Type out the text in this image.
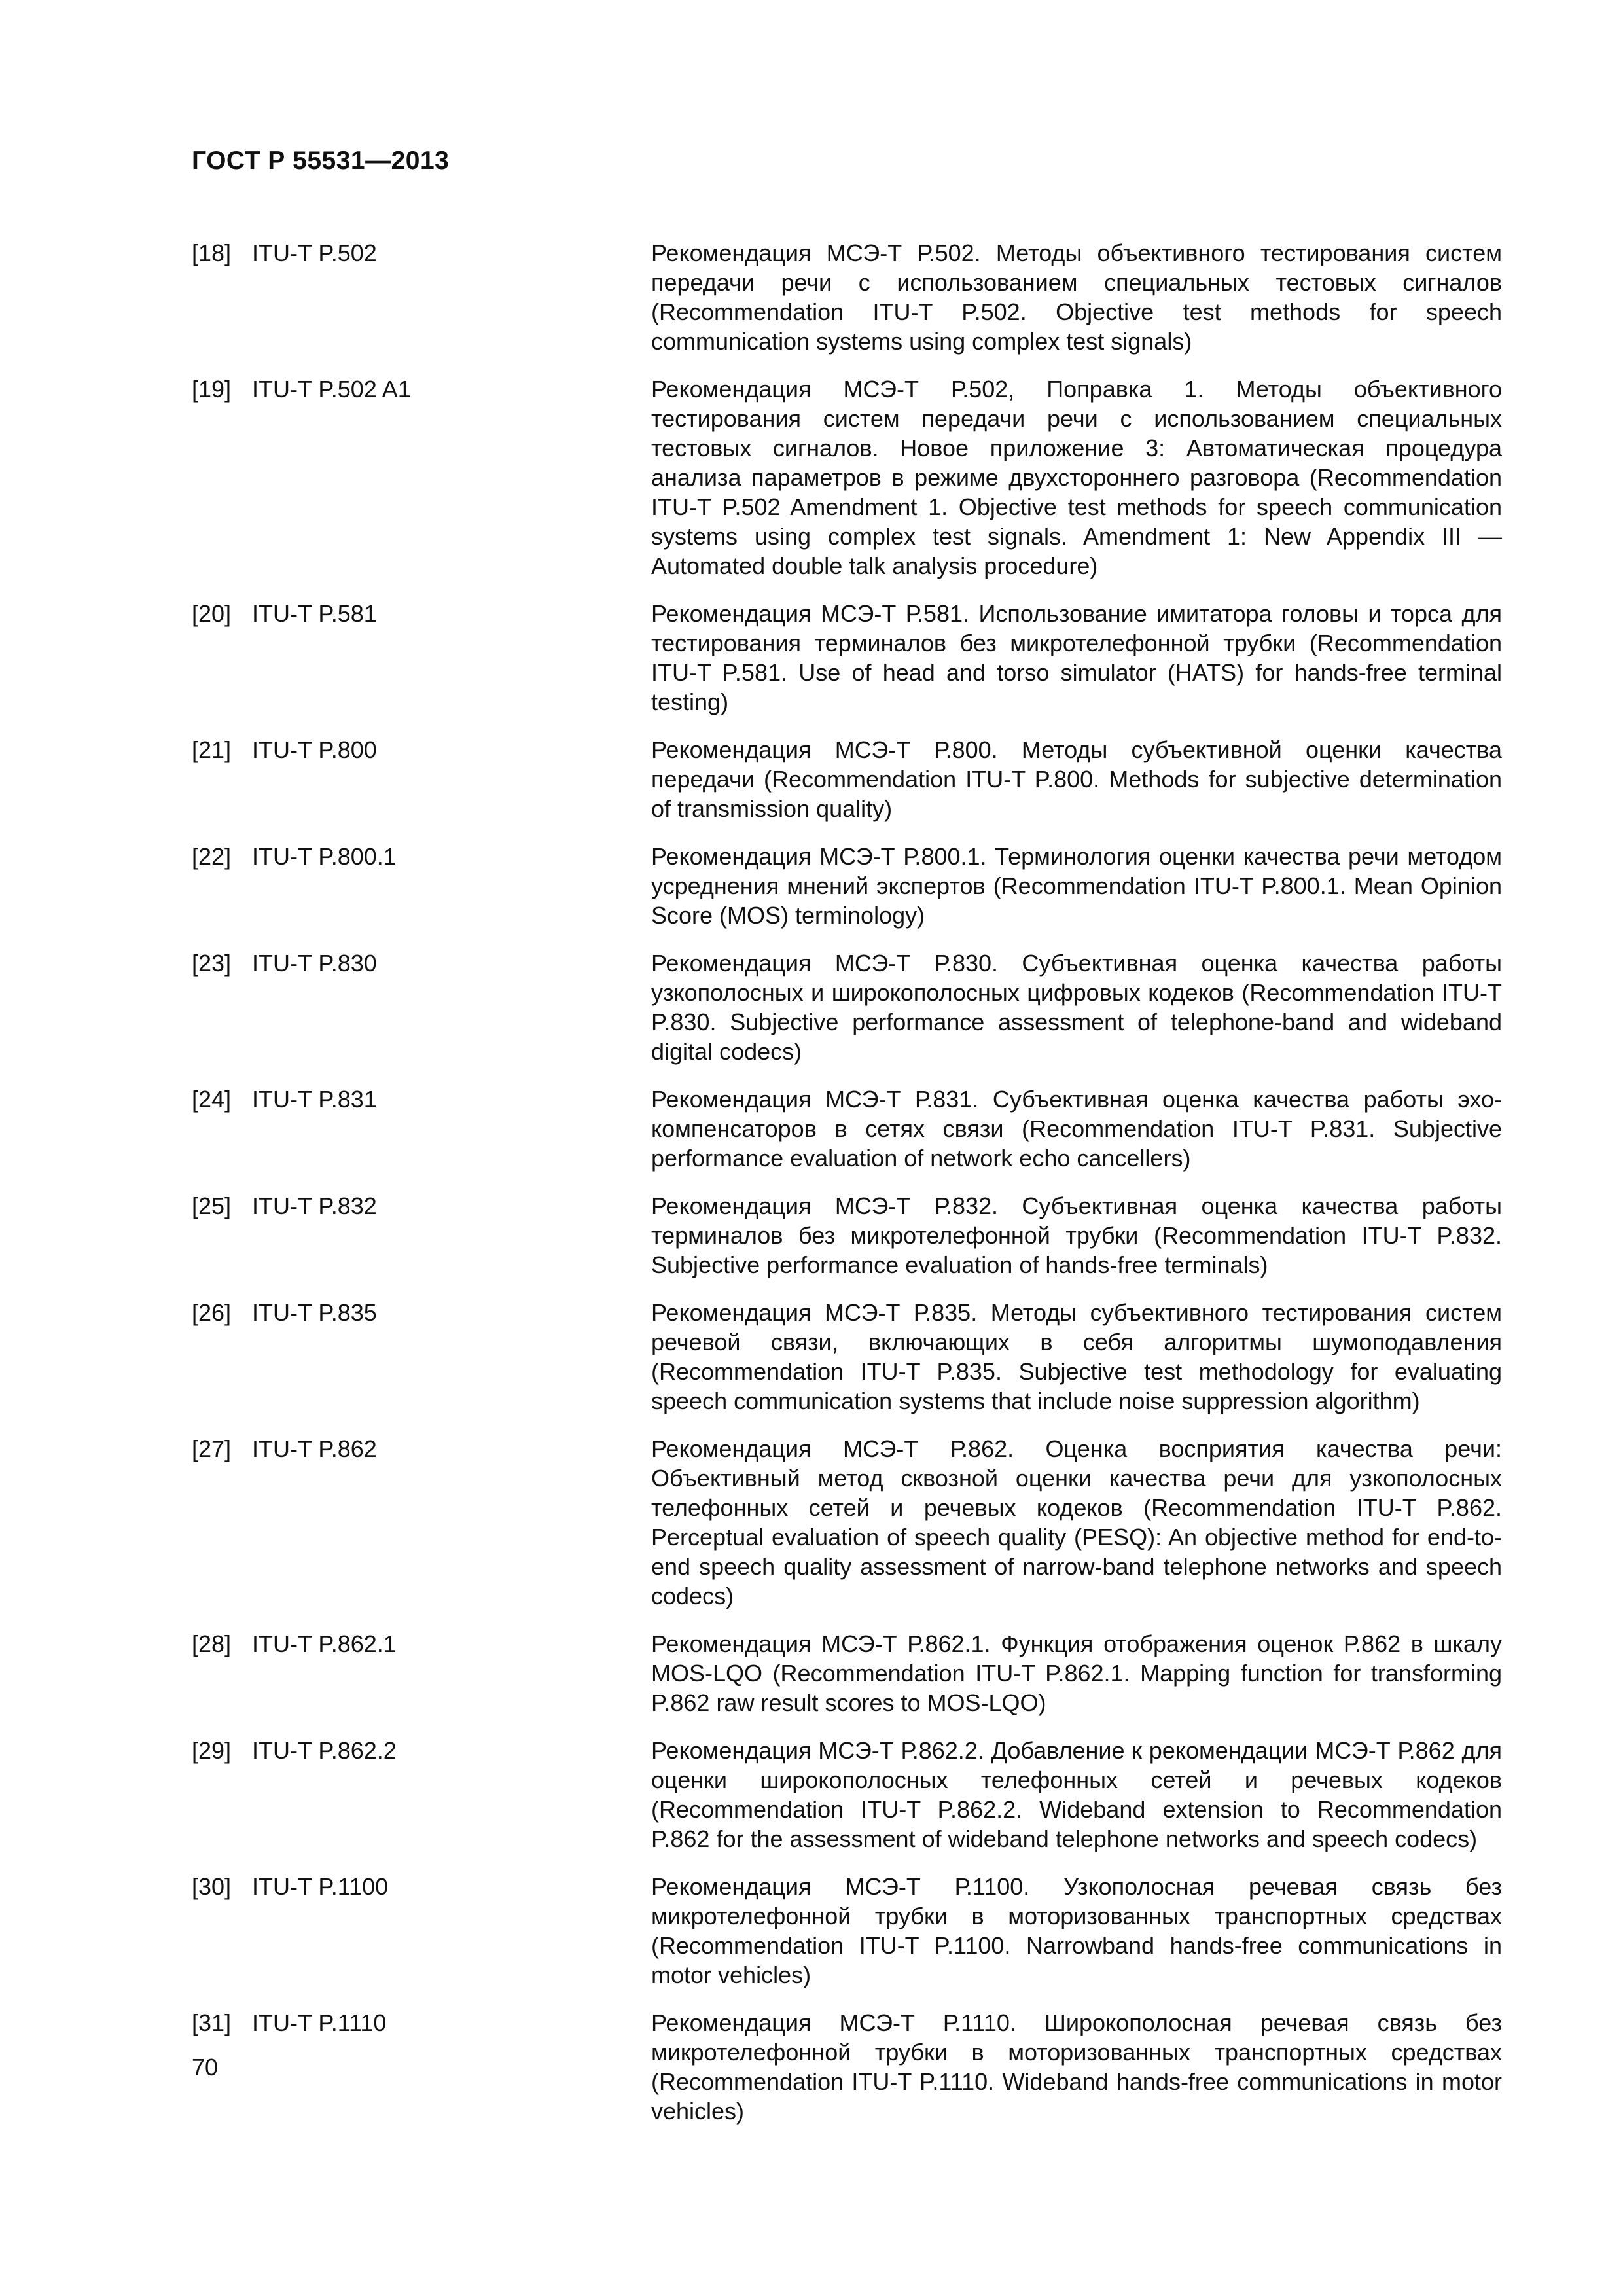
ГОСТ Р 55531—2013
[18] ITU-T P.502	Рекомендация МСЭ-Т Р.502. Методы объективного тестирования систем передачи речи с использованием специальных тестовых сигналов (Recommendation ITU-T P.502. Objective test methods for speech communication systems using complex test signals)
[19] ITU-T P.502 A1	Рекомендация МСЭ-Т Р.502, Поправка 1. Методы объективного тестирования систем передачи речи с использованием специальных тестовых сигналов. Новое приложение 3: Автоматическая процедура анализа параметров в режиме двухстороннего разговора (Recommendation ITU-T P.502 Amendment 1. Objective test methods for speech communication systems using complex test signals. Amendment 1: New Appendix III — Automated double talk analysis procedure)
[20] ITU-T P.581	Рекомендация МСЭ-Т Р.581. Использование имитатора головы и торса для тестирования терминалов без микротелефонной трубки (Recommendation ITU-T P.581. Use of head and torso simulator (HATS) for hands-free terminal testing)
[21] ITU-T P.800	Рекомендация МСЭ-Т Р.800. Методы субъективной оценки качества передачи (Recommendation ITU-T P.800. Methods for subjective determination of transmission quality)
[22] ITU-T P.800.1	Рекомендация МСЭ-Т Р.800.1. Терминология оценки качества речи методом усреднения мнений экспертов (Recommendation ITU-T P.800.1. Mean Opinion Score (MOS) terminology)
[23] ITU-T P.830	Рекомендация МСЭ-Т Р.830. Субъективная оценка качества работы узкополосных и широкополосных цифровых кодеков (Recommendation ITU-T P.830. Subjective performance assessment of telephone-band and wideband digital codecs)
[24] ITU-T P.831	Рекомендация МСЭ-Т Р.831. Субъективная оценка качества работы эхо-компенсаторов в сетях связи (Recommendation ITU-T P.831. Subjective performance evaluation of network echo cancellers)
[25] ITU-T P.832	Рекомендация МСЭ-Т Р.832. Субъективная оценка качества работы терминалов без микротелефонной трубки (Recommendation ITU-T P.832. Subjective performance evaluation of hands-free terminals)
[26] ITU-T P.835	Рекомендация МСЭ-Т Р.835. Методы субъективного тестирования систем речевой связи, включающих в себя алгоритмы шумоподавления (Recommendation ITU-T P.835. Subjective test methodology for evaluating speech communication systems that include noise suppression algorithm)
[27] ITU-T P.862	Рекомендация МСЭ-Т Р.862. Оценка восприятия качества речи: Объективный метод сквозной оценки качества речи для узкополосных телефонных сетей и речевых кодеков (Recommendation ITU-T P.862. Perceptual evaluation of speech quality (PESQ): An objective method for end-to-end speech quality assessment of narrow-band telephone networks and speech codecs)
[28] ITU-T P.862.1	Рекомендация МСЭ-Т Р.862.1. Функция отображения оценок Р.862 в шкалу MOS-LQO (Recommendation ITU-T P.862.1. Mapping function for transforming P.862 raw result scores to MOS-LQO)
[29] ITU-T P.862.2	Рекомендация МСЭ-Т Р.862.2. Добавление к рекомендации МСЭ-Т Р.862 для оценки широкополосных телефонных сетей и речевых кодеков (Recommendation ITU-T P.862.2. Wideband extension to Recommendation P.862 for the assessment of wideband telephone networks and speech codecs)
[30] ITU-T P.1100	Рекомендация МСЭ-Т Р.1100. Узкополосная речевая связь без микротелефонной трубки в моторизованных транспортных средствах (Recommendation ITU-T P.1100. Narrowband hands-free communications in motor vehicles)
[31] ITU-T P.1110	Рекомендация МСЭ-Т Р.1110. Широкополосная речевая связь без микротелефонной трубки в моторизованных транспортных средствах (Recommendation ITU-T P.1110. Wideband hands-free communications in motor vehicles)
70
